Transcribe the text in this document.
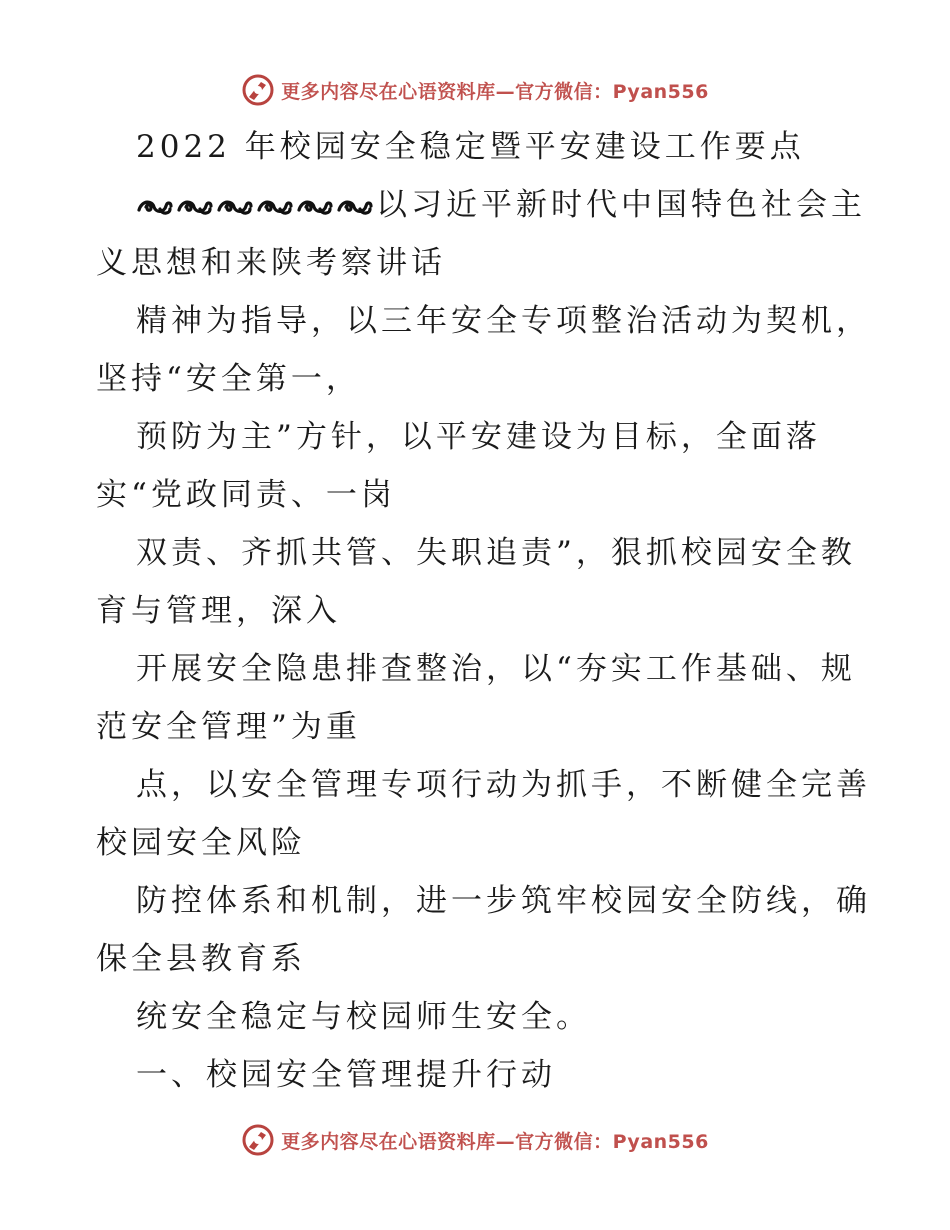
更多内容尽在心语资料库—官方微信：Pyan556
2022 年校园安全稳定暨平安建设工作要点
以习近平新时代中国特色社会主
义思想和来陕考察讲话
精神为指导，以三年安全专项整治活动为契机，
坚持“安全第一，
预防为主”方针，以平安建设为目标，全面落
实“党政同责、一岗
双责、齐抓共管、失职追责”，狠抓校园安全教
育与管理，深入
开展安全隐患排查整治，以“夯实工作基础、规
范安全管理”为重
点，以安全管理专项行动为抓手，不断健全完善
校园安全风险
防控体系和机制，进一步筑牢校园安全防线，确
保全县教育系
统安全稳定与校园师生安全。
一、校园安全管理提升行动
更多内容尽在心语资料库—官方微信：Pyan556
